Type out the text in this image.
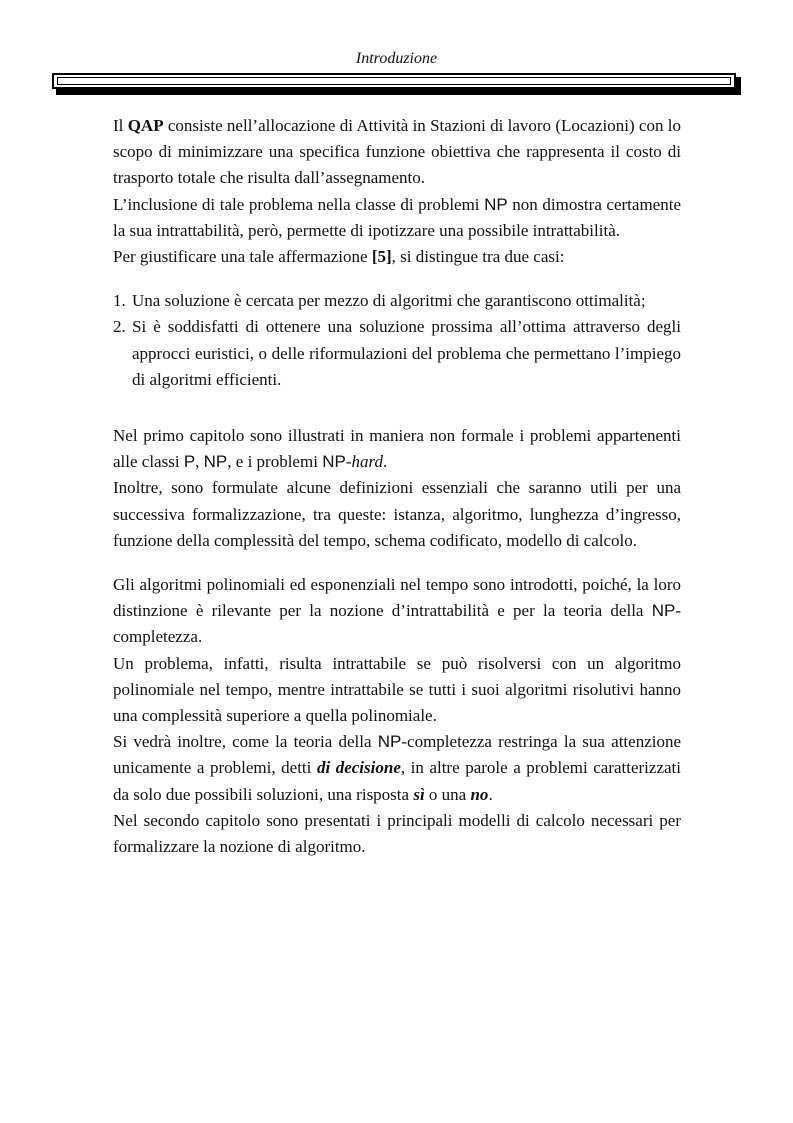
Introduzione

Il QAP consiste nell’allocazione di Attività in Stazioni di lavoro (Locazioni) con lo scopo di minimizzare una specifica funzione obiettiva che rappresenta il costo di trasporto totale che risulta dall’assegnamento.

L’inclusione di tale problema nella classe di problemi NP non dimostra certamente la sua intrattabilità, però, permette di ipotizzare una possibile intrattabilità.

Per giustificare una tale affermazione [5], si distingue tra due casi:

1. Una soluzione è cercata per mezzo di algoritmi che garantiscono ottimalità;
2. Si è soddisfatti di ottenere una soluzione prossima all’ottima attraverso degli approcci euristici, o delle riformulazioni del problema che permettano l’impiego di algoritmi efficienti.

Nel primo capitolo sono illustrati in maniera non formale i problemi appartenenti alle classi P, NP, e i problemi NP-hard.

Inoltre, sono formulate alcune definizioni essenziali che saranno utili per una successiva formalizzazione, tra queste: istanza, algoritmo, lunghezza d’ingresso, funzione della complessità del tempo, schema codificato, modello di calcolo.

Gli algoritmi polinomiali ed esponenziali nel tempo sono introdotti, poiché, la loro distinzione è rilevante per la nozione d’intrattabilità e per la teoria della NP-completezza.

Un problema, infatti, risulta intrattabile se può risolversi con un algoritmo polinomiale nel tempo, mentre intrattabile se tutti i suoi algoritmi risolutivi hanno una complessità superiore a quella polinomiale.

Si vedrà inoltre, come la teoria della NP-completezza restringa la sua attenzione unicamente a problemi, detti di decisione, in altre parole a problemi caratterizzati da solo due possibili soluzioni, una risposta sì o una no.

Nel secondo capitolo sono presentati i principali modelli di calcolo necessari per formalizzare la nozione di algoritmo.
